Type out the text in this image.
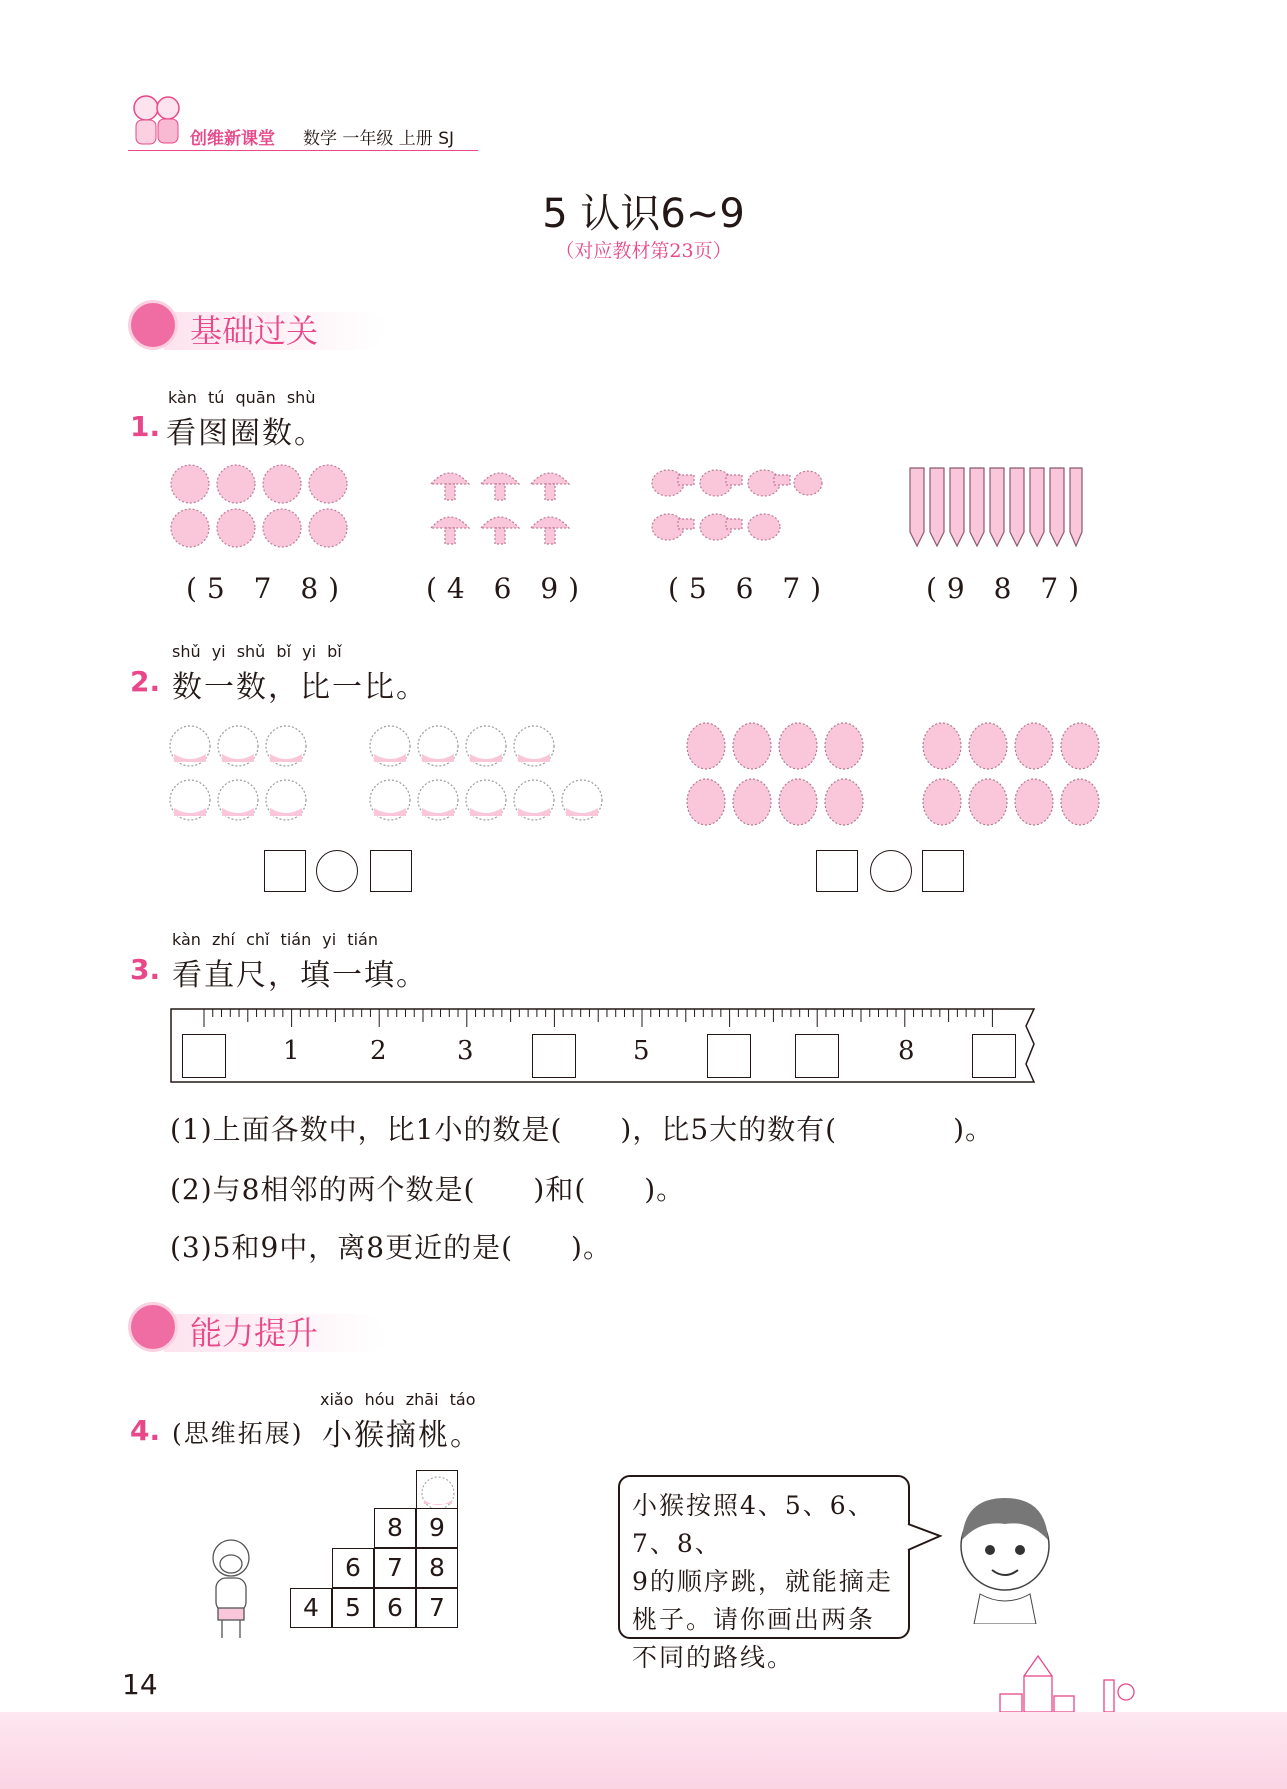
创维新课堂 数学 一年级 上册 SJ
5 认识6~9
（对应教材第23页）
基础过关
kàn tú quān shù
1. 看图圈数。
(5 7 8)	(4 6 9)	(5 6 7)	(9 8 7)
shǔ yi shǔ bǐ yi bǐ
2. 数一数，比一比。
kàn zhí chǐ tián yi tián
3. 看直尺，填一填。
1	2	3	5	8
(1)上面各数中，比1小的数是(　　)，比5大的数有(　　　　)。
(2)与8相邻的两个数是(　　)和(　　)。
(3)5和9中，离8更近的是(　　)。
能力提升
xiǎo hóu zhāi táo
4. (思维拓展) 小猴摘桃。
8	9
6	7	8
4	5	6	7
小猴按照4、5、6、7、8、
9的顺序跳，就能摘走
桃子。请你画出两条
不同的路线。
14
